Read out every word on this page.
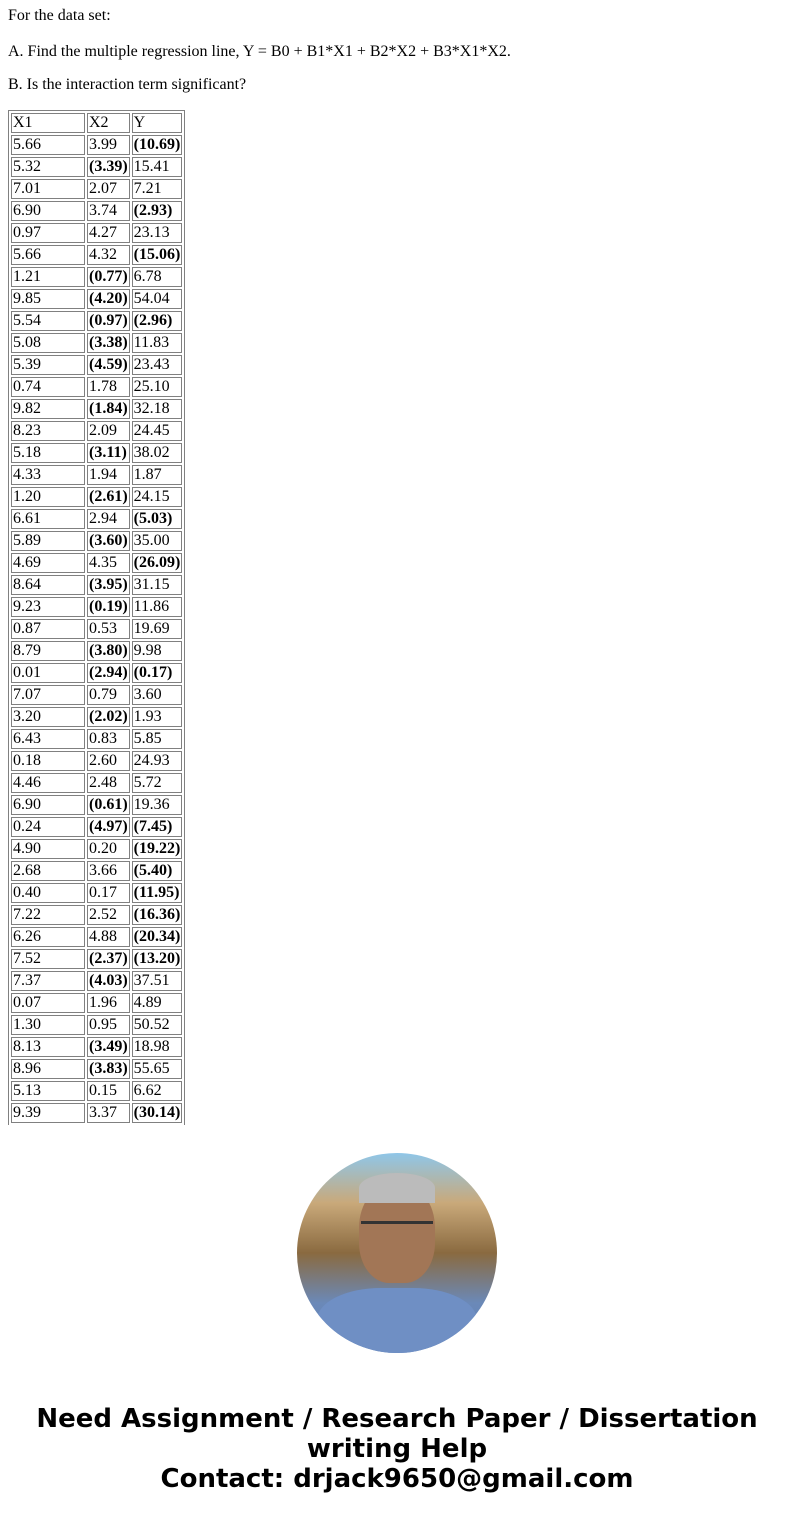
For the data set:

A. Find the multiple regression line, Y = B0 + B1*X1 + B2*X2 + B3*X1*X2.

B. Is the interaction term significant?

X1	X2	Y
5.66	3.99	(10.69)
5.32	(3.39)	15.41
7.01	2.07	7.21
6.90	3.74	(2.93)
0.97	4.27	23.13
5.66	4.32	(15.06)
1.21	(0.77)	6.78
9.85	(4.20)	54.04
5.54	(0.97)	(2.96)
5.08	(3.38)	11.83
5.39	(4.59)	23.43
0.74	1.78	25.10
9.82	(1.84)	32.18
8.23	2.09	24.45
5.18	(3.11)	38.02
4.33	1.94	1.87
1.20	(2.61)	24.15
6.61	2.94	(5.03)
5.89	(3.60)	35.00
4.69	4.35	(26.09)
8.64	(3.95)	31.15
9.23	(0.19)	11.86
0.87	0.53	19.69
8.79	(3.80)	9.98
0.01	(2.94)	(0.17)
7.07	0.79	3.60
3.20	(2.02)	1.93
6.43	0.83	5.85
0.18	2.60	24.93
4.46	2.48	5.72
6.90	(0.61)	19.36
0.24	(4.97)	(7.45)
4.90	0.20	(19.22)
2.68	3.66	(5.40)
0.40	0.17	(11.95)
7.22	2.52	(16.36)
6.26	4.88	(20.34)
7.52	(2.37)	(13.20)
7.37	(4.03)	37.51
0.07	1.96	4.89
1.30	0.95	50.52
8.13	(3.49)	18.98
8.96	(3.83)	55.65
5.13	0.15	6.62
9.39	3.37	(30.14)
Need Assignment / Research Paper / Dissertation
writing Help
Contact: drjack9650@gmail.com
